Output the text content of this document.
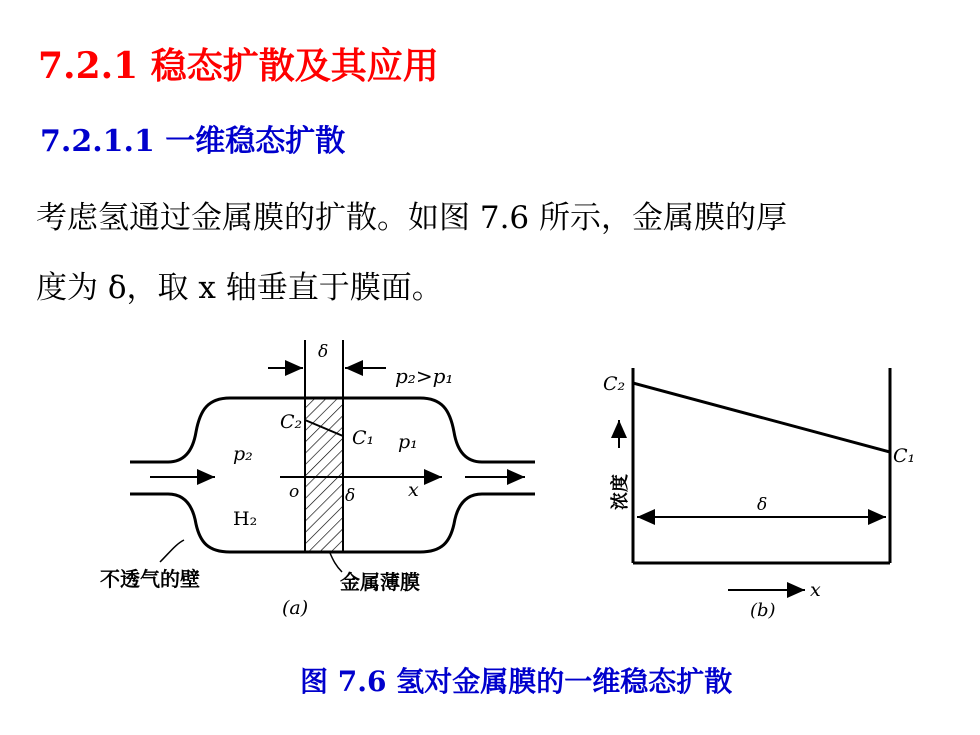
7.2.1 稳态扩散及其应用
7.2.1.1 一维稳态扩散
考虑氢通过金属膜的扩散。如图 7.6 所示，金属膜的厚
度为 δ，取 x 轴垂直于膜面。
δ
p₂>p₁
C₂
C₁ p₁
p₂
o	δ	x
H₂
不透气的壁	金属薄膜
(a)
C₂
C₁
δ
x
(b)
浓度
图 7.6 氢对金属膜的一维稳态扩散
